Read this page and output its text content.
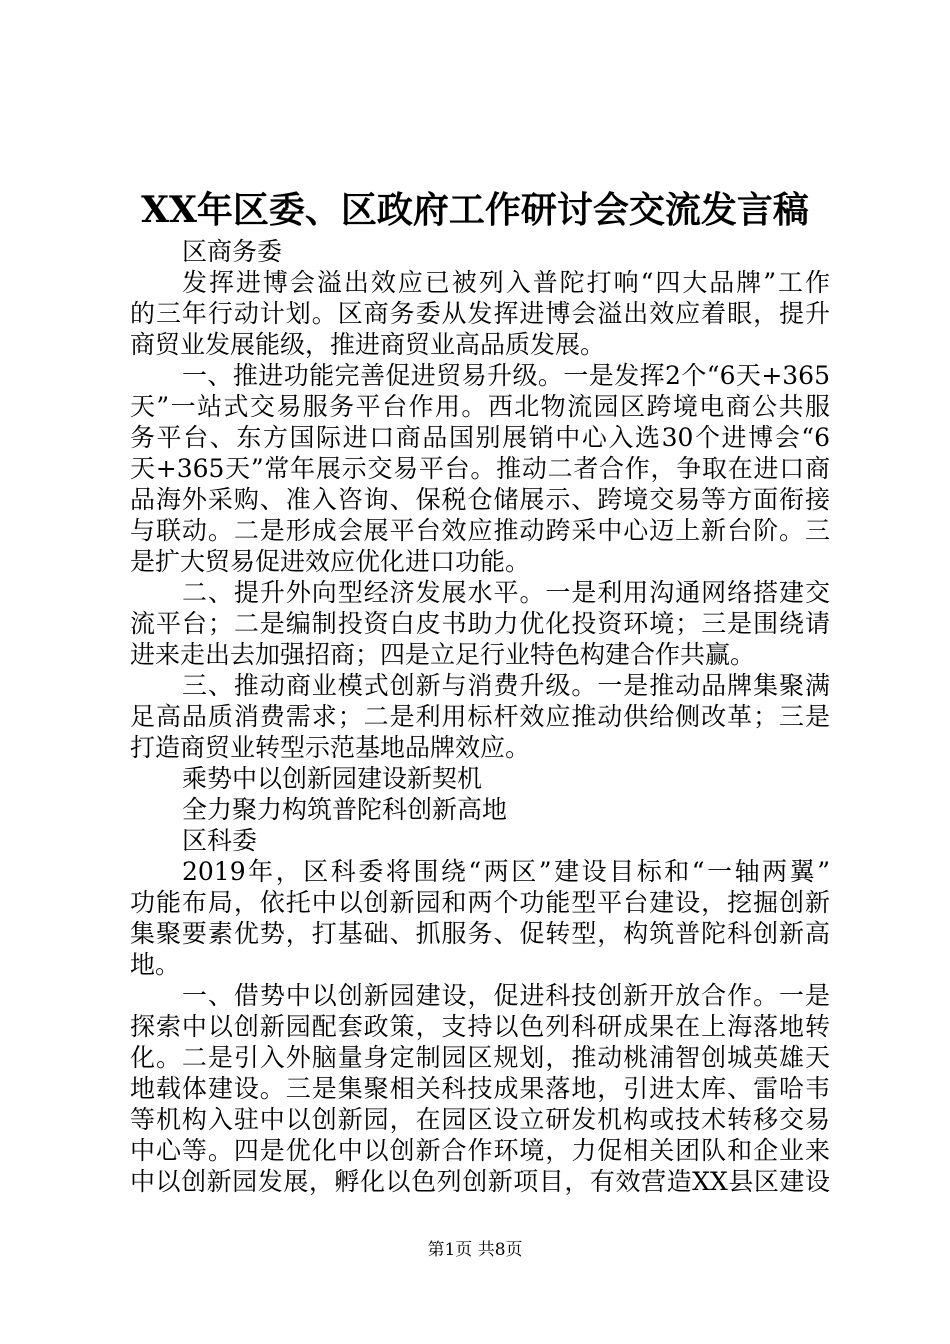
XX年区委、区政府工作研讨会交流发言稿
区商务委
发挥进博会溢出效应已被列入普陀打响“四大品牌”工作
的三年行动计划。区商务委从发挥进博会溢出效应着眼，提升
商贸业发展能级，推进商贸业高品质发展。
一、推进功能完善促进贸易升级。一是发挥2个“6天+365
天”一站式交易服务平台作用。西北物流园区跨境电商公共服
务平台、东方国际进口商品国别展销中心入选30个进博会“6
天+365天”常年展示交易平台。推动二者合作，争取在进口商
品海外采购、准入咨询、保税仓储展示、跨境交易等方面衔接
与联动。二是形成会展平台效应推动跨采中心迈上新台阶。三
是扩大贸易促进效应优化进口功能。
二、提升外向型经济发展水平。一是利用沟通网络搭建交
流平台；二是编制投资白皮书助力优化投资环境；三是围绕请
进来走出去加强招商；四是立足行业特色构建合作共赢。
三、推动商业模式创新与消费升级。一是推动品牌集聚满
足高品质消费需求；二是利用标杆效应推动供给侧改革；三是
打造商贸业转型示范基地品牌效应。
乘势中以创新园建设新契机
全力聚力构筑普陀科创新高地
区科委
2019年，区科委将围绕“两区”建设目标和“一轴两翼”
功能布局，依托中以创新园和两个功能型平台建设，挖掘创新
集聚要素优势，打基础、抓服务、促转型，构筑普陀科创新高
地。
一、借势中以创新园建设，促进科技创新开放合作。一是
探索中以创新园配套政策，支持以色列科研成果在上海落地转
化。二是引入外脑量身定制园区规划，推动桃浦智创城英雄天
地载体建设。三是集聚相关科技成果落地，引进太库、雷哈韦
等机构入驻中以创新园，在园区设立研发机构或技术转移交易
中心等。四是优化中以创新合作环境，力促相关团队和企业来
中以创新园发展，孵化以色列创新项目，有效营造XX县区建设
第1页 共8页
